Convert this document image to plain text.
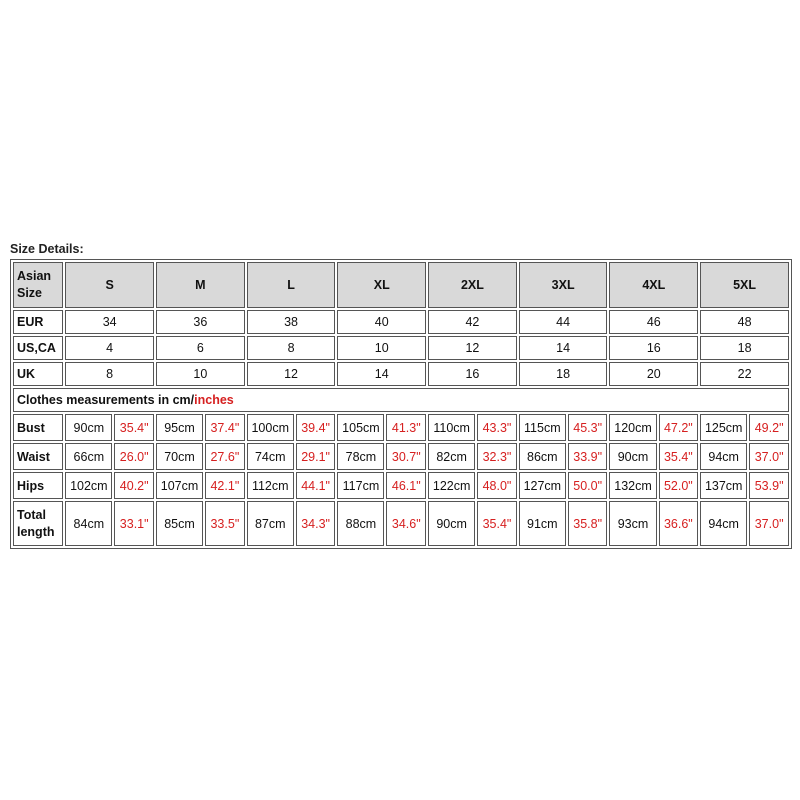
Size Details:
Asian Size	S		M		L		XL		2XL		3XL		4XL		5XL	
EUR	34		36		38		40		42		44		46		48	
US,CA	4		6		8		10		12		14		16		18	
UK	8		10		12		14		16		18		20		22	
Clothes measurements in cm/inches																
Bust	90cm	35.4"	95cm	37.4"	100cm	39.4"	105cm	41.3"	110cm	43.3"	115cm	45.3"	120cm	47.2"	125cm	49.2"
Waist	66cm	26.0"	70cm	27.6"	74cm	29.1"	78cm	30.7"	82cm	32.3"	86cm	33.9"	90cm	35.4"	94cm	37.0"
Hips	102cm	40.2"	107cm	42.1"	112cm	44.1"	117cm	46.1"	122cm	48.0"	127cm	50.0"	132cm	52.0"	137cm	53.9"
Total length	84cm	33.1"	85cm	33.5"	87cm	34.3"	88cm	34.6"	90cm	35.4"	91cm	35.8"	93cm	36.6"	94cm	37.0"
